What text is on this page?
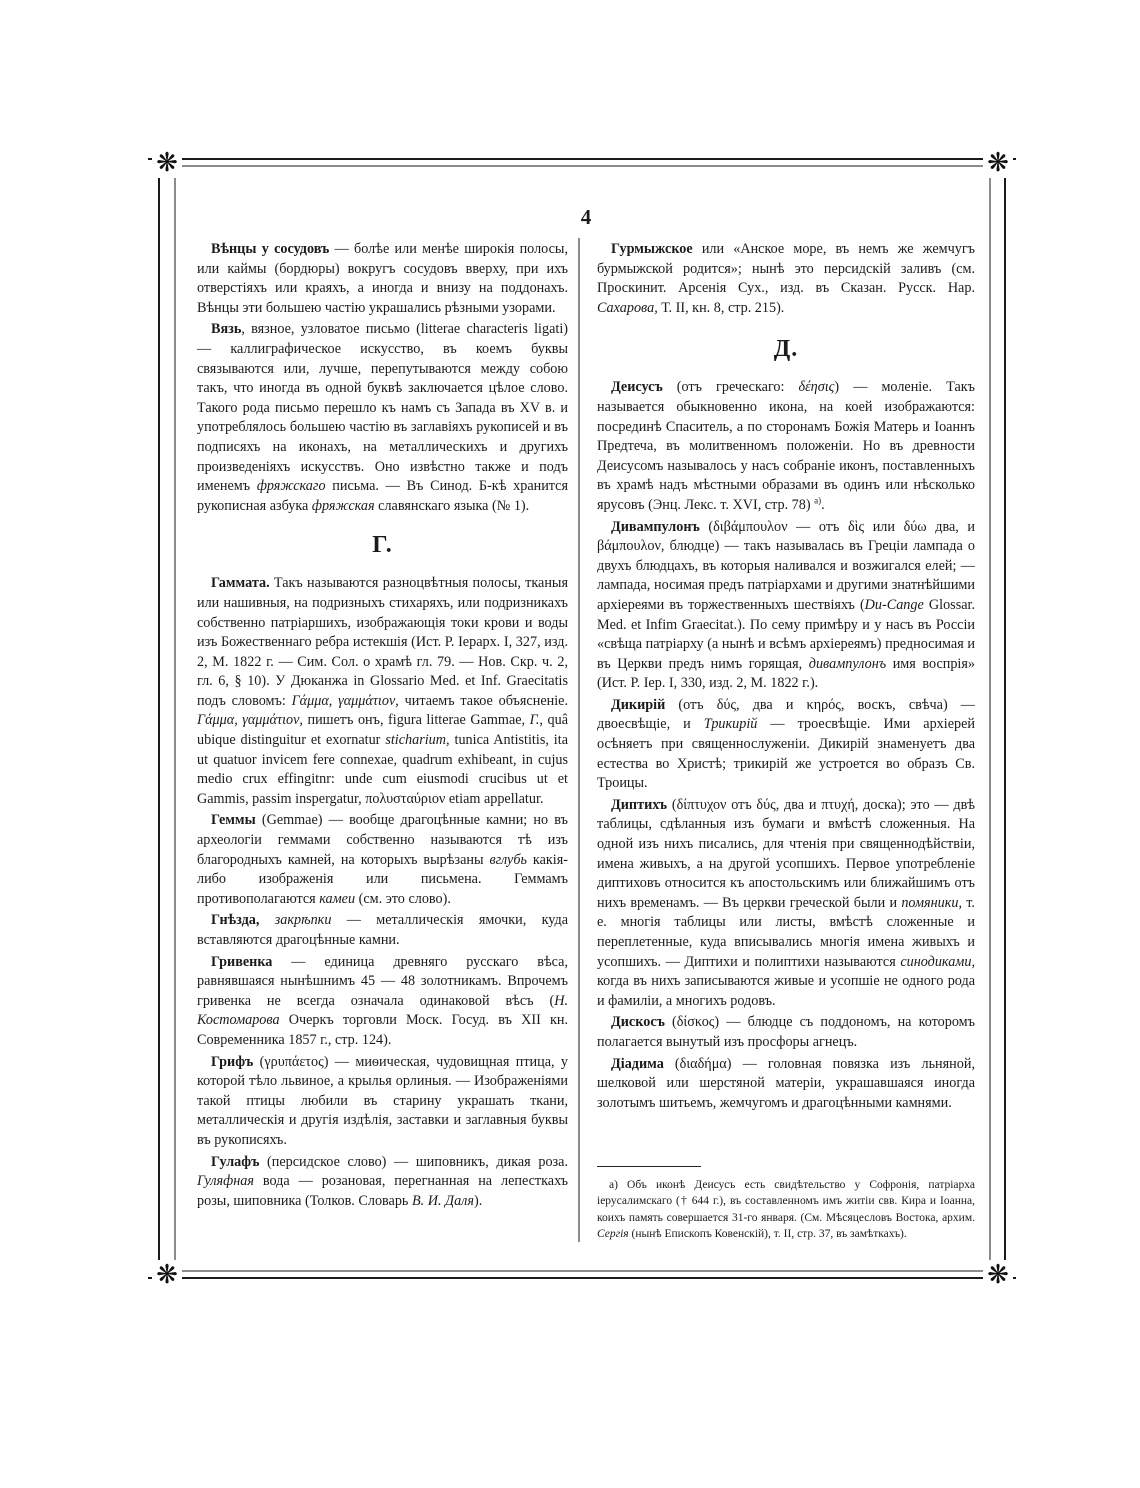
❋	❋
❋	❋
4

Вѣнцы у сосудовъ — болѣе или менѣе широкія полосы, или каймы (бордюры) вокругъ сосудовъ вверху, при ихъ отверстіяхъ или краяхъ, а иногда и внизу на поддонахъ. Вѣнцы эти большею частію украшались рѣзными узорами.

Вязь, вязное, узловатое письмо (litterae characteris ligati) — каллиграфическое искусство, въ коемъ буквы связываются или, лучше, перепутываются между собою такъ, что иногда въ одной буквѣ заключается цѣлое слово. Такого рода письмо перешло къ намъ съ Запада въ XV в. и употреблялось большею частію въ заглавіяхъ рукописей и въ подписяхъ на иконахъ, на металлическихъ и другихъ произведеніяхъ искусствъ. Оно извѣстно также и подъ именемъ фряжскаго письма. — Въ Синод. Б-кѣ хранится рукописная азбука фряжская славянскаго языка (№ 1).

Г.

Гаммата. Такъ называются разноцвѣтныя полосы, тканыя или нашивныя, на подризныхъ стихаряхъ, или подризникахъ собственно патріаршихъ, изображающія токи крови и воды изъ Божественнаго ребра истекшія (Ист. Р. Іерарх. I, 327, изд. 2, М. 1822 г. — Сим. Сол. о храмѣ гл. 79. — Нов. Скр. ч. 2, гл. 6, § 10). У Дюканжа in Glossario Med. et Inf. Graecitatis подъ словомъ: Γάμμα, γαμμάτιον, читаемъ такое объясненіе. Γάμμα, γαμμάτιον, пишетъ онъ, figura litterae Gammae, Γ., quâ ubique distinguitur et exornatur sticharium, tunica Antistitis, ita ut quatuor invicem fere connexae, quadrum exhibeant, in cujus medio crux effingitnr: unde cum eiusmodi crucibus ut et Gammis, passim inspergatur, πολυσταύριον etiam appellatur.

Геммы (Gemmae) — вообще драгоцѣнные камни; но въ археологіи геммами собственно называются тѣ изъ благородныхъ камней, на которыхъ вырѣзаны вглубь какія-либо изображенія или письмена. Геммамъ противополагаются камеи (см. это слово).

Гнѣзда, закрѣпки — металлическія ямочки, куда вставляются драгоцѣнные камни.

Гривенка — единица древняго русскаго вѣса, равнявшаяся нынѣшнимъ 45 — 48 золотникамъ. Впрочемъ гривенка не всегда означала одинаковой вѣсъ (Н. Костомарова Очеркъ торговли Моск. Госуд. въ XII кн. Современника 1857 г., стр. 124).

Грифъ (γρυπάετος) — миѳическая, чудовищная птица, у которой тѣло львиное, а крылья орлиныя. — Изображеніями такой птицы любили въ старину украшать ткани, металлическія и другія издѣлія, заставки и заглавныя буквы въ рукописяхъ.

Гулафъ (персидское слово) — шиповникъ, дикая роза. Гуляфная вода — розановая, перегнанная на лепесткахъ розы, шиповника (Толков. Словарь В. И. Даля).

Гурмыжское или «Анское море, въ немъ же жемчугъ бурмыжской родится»; нынѣ это персидскій заливъ (см. Проскинит. Арсенія Сух., изд. въ Сказан. Русск. Нар. Сахарова, Т. II, кн. 8, стр. 215).

Д.

Деисусъ (отъ греческаго: δέησις) — моленіе. Такъ называется обыкновенно икона, на коей изображаются: посрединѣ Спаситель, а по сторонамъ Божія Матерь и Іоаннъ Предтеча, въ молитвенномъ положеніи. Но въ древности Деисусомъ называлось у насъ собраніе иконъ, поставленныхъ въ храмѣ надъ мѣстными образами въ одинъ или нѣсколько ярусовъ (Энц. Лекс. т. XVI, стр. 78) $^{а)}$.

Дивампулонъ (διβάμπουλον — отъ δὶς или δύω два, и βάμπουλον, блюдце) — такъ называлась въ Греціи лампада о двухъ блюдцахъ, въ которыя наливался и возжигался елей; — лампада, носимая предъ патріархами и другими знатнѣйшими архіереями въ торжественныхъ шествіяхъ (Du-Cange Glossar. Med. et Infim Graecitat.). По сему примѣру и у насъ въ Россіи «свѣща патріарху (а нынѣ и всѣмъ архіереямъ) предносимая и въ Церкви предъ нимъ горящая, дивампулонъ имя воспрія» (Ист. Р. Іер. I, 330, изд. 2, М. 1822 г.).

Дикирій (отъ δύς, два и κηρός, воскъ, свѣча) — двоесвѣщіе, и Трикирій — троесвѣщіе. Ими архіерей осѣняетъ при священнослуженіи. Дикирій знаменуетъ два естества во Христѣ; трикирій же устроется во образъ Св. Троицы.

Диптихъ (δίπτυχον отъ δύς, два и πτυχή, доска); это — двѣ таблицы, сдѣланныя изъ бумаги и вмѣстѣ сложенныя. На одной изъ нихъ писались, для чтенія при священнодѣйствіи, имена живыхъ, а на другой усопшихъ. Первое употребленіе диптиховъ относится къ апостольскимъ или ближайшимъ отъ нихъ временамъ. — Въ церкви греческой были и помяники, т. е. многія таблицы или листы, вмѣстѣ сложенные и переплетенные, куда вписывались многія имена живыхъ и усопшихъ. — Диптихи и полиптихи называются синодиками, когда въ нихъ записываются живые и усопшіе не одного рода и фамиліи, а многихъ родовъ.

Дискосъ (δίσκος) — блюдце съ поддономъ, на которомъ полагается вынутый изъ просфоры агнецъ.

Діадима (διαδήμα) — головная повязка изъ льняной, шелковой или шерстяной матеріи, украшавшаяся иногда золотымъ шитьемъ, жемчугомъ и драгоцѣнными камнями.

а) Объ иконѣ Деисусъ есть свидѣтельство у Софронія, патріарха іерусалимскаго († 644 г.), въ составленномъ имъ житіи свв. Кира и Іоанна, коихъ память совершается 31-го января. (См. Мѣсяцесловъ Востока, архим. Сергія (нынѣ Епископъ Ковенскій), т. II, стр. 37, въ замѣткахъ).
